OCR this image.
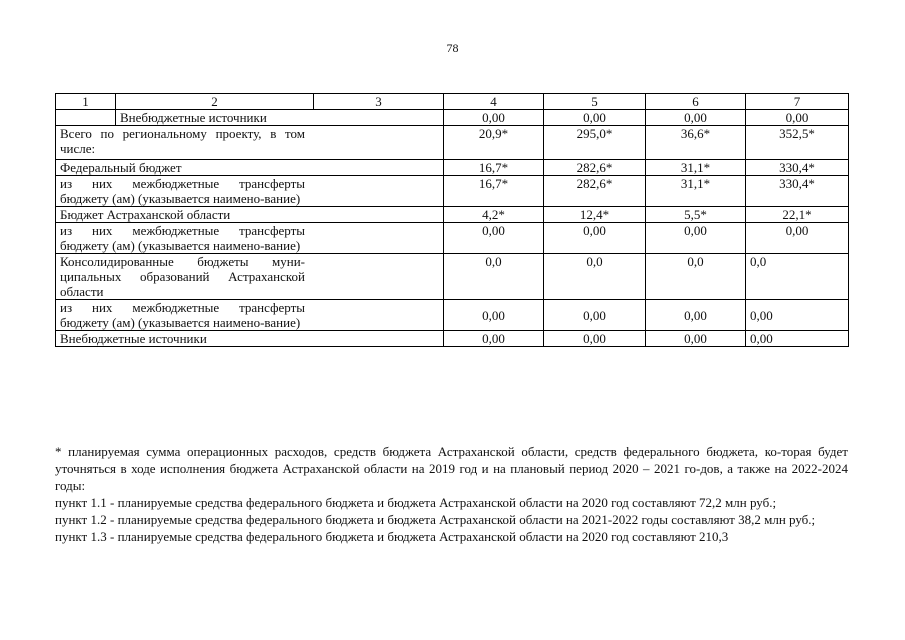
78
1	2	3	4	5	6	7
	Внебюджетные источники		0,00	0,00	0,00	0,00

Всего по региональному проекту, в том числе:			20,9*	295,0*	36,6*	352,5*
Федеральный бюджет			16,7*	282,6*	31,1*	330,4*

из них межбюджетные трансферты бюджету (ам) (указывается наимено-вание)			16,7*	282,6*	31,1*	330,4*
Бюджет Астраханской области			4,2*	12,4*	5,5*	22,1*

из них межбюджетные трансферты бюджету (ам) (указывается наимено-вание)			0,00	0,00	0,00	0,00

Консолидированные бюджеты муни-ципальных образований Астраханской области			0,0	0,0	0,0	0,0

из них межбюджетные трансферты бюджету (ам) (указывается наимено-вание)			0,00	0,00	0,00	0,00
Внебюджетные источники			0,00	0,00	0,00	0,00

* планируемая сумма операционных расходов, средств бюджета Астраханской области, средств федерального бюджета, ко-торая будет уточняться в ходе исполнения бюджета Астраханской области на 2019 год и на плановый период 2020 – 2021 го-дов, а также на 2022-2024 годы:

пункт 1.1 - планируемые средства федерального бюджета и бюджета Астраханской области на 2020 год составляют 72,2 млн руб.;

пункт 1.2 - планируемые средства федерального бюджета и бюджета Астраханской области на 2021-2022 годы составляют 38,2 млн руб.;

пункт 1.3 - планируемые средства федерального бюджета и бюджета Астраханской области на 2020 год составляют 210,3
